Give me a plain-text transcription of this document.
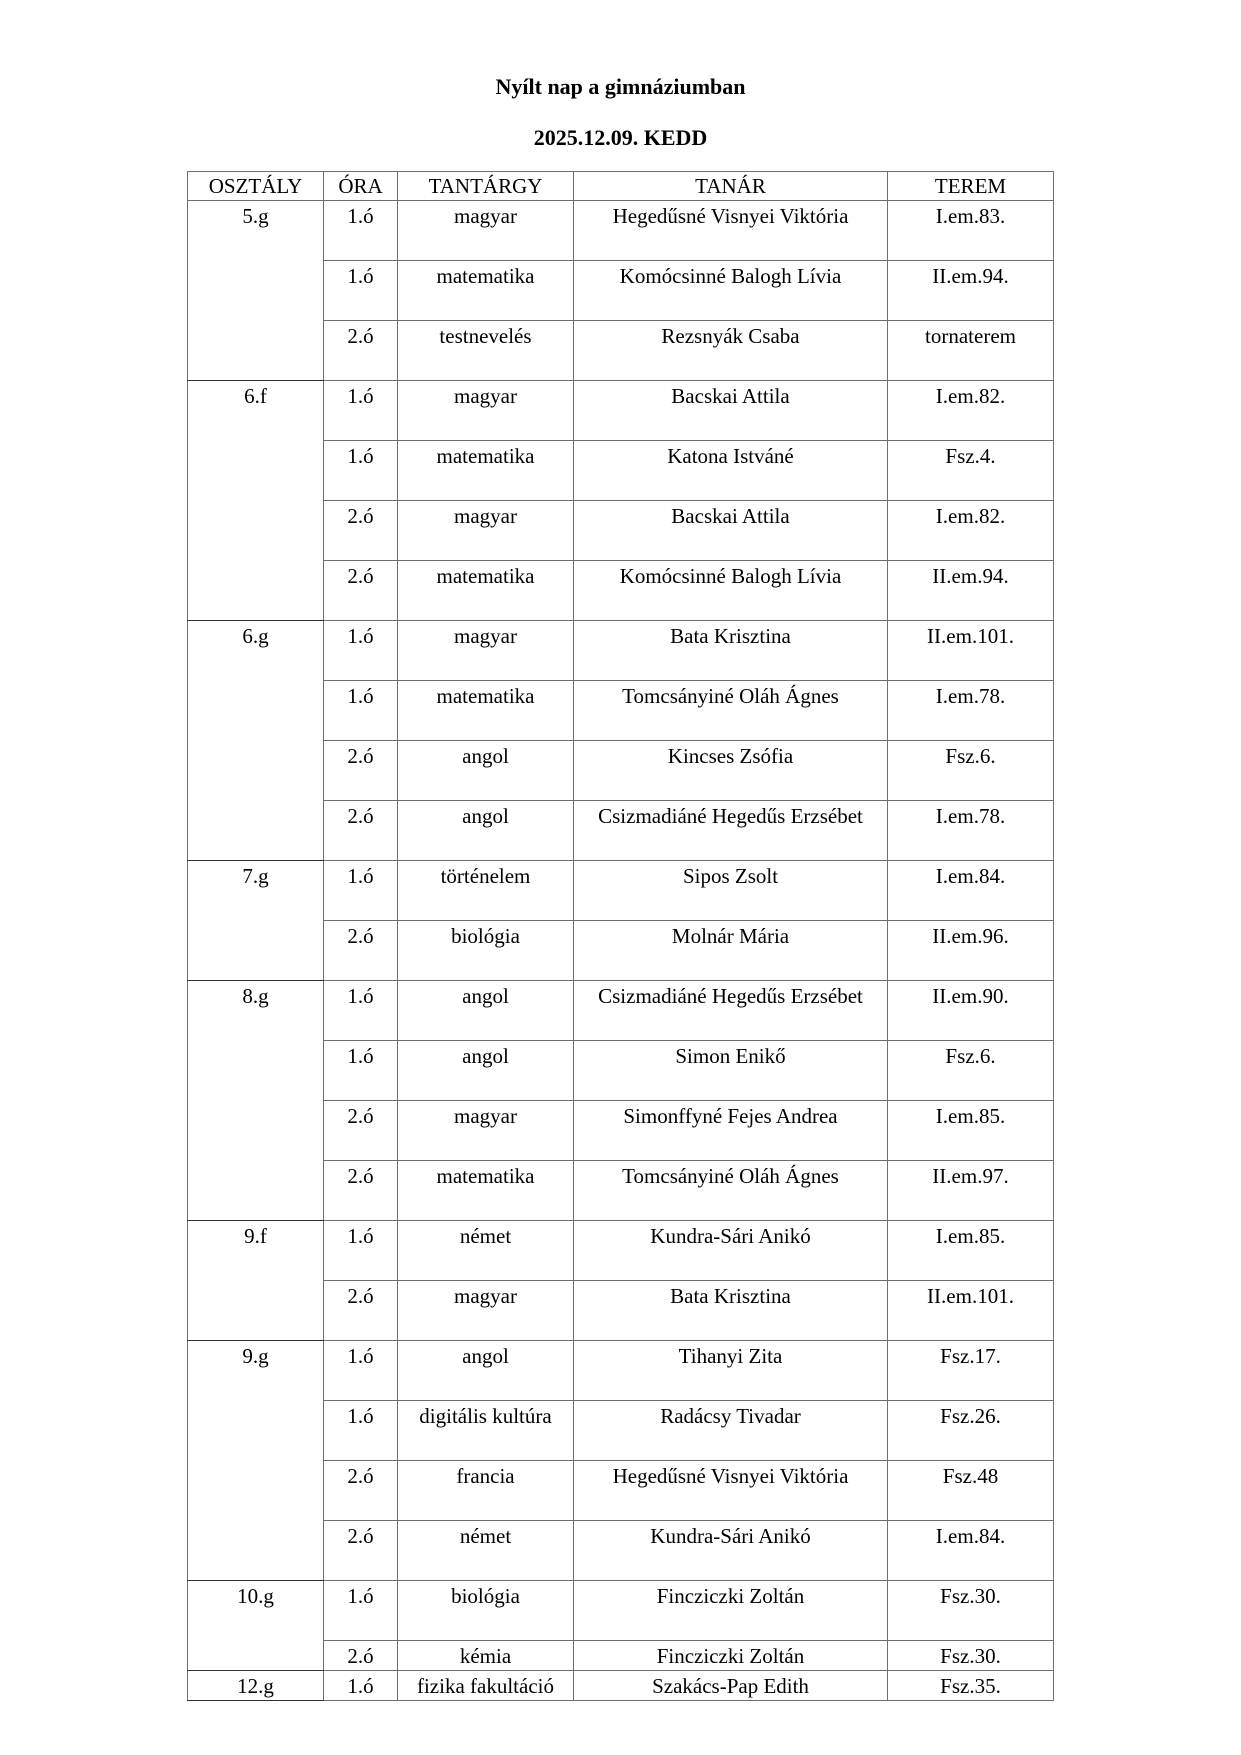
Nyílt nap a gimnáziumban
2025.12.09. KEDD
OSZTÁLY	ÓRA	TANTÁRGY	TANÁR	TEREM
5.g	1.ó	magyar	Hegedűsné Visnyei Viktória	I.em.83.
	1.ó	matematika	Komócsinné Balogh Lívia	II.em.94.
	2.ó	testnevelés	Rezsnyák Csaba	tornaterem
6.f	1.ó	magyar	Bacskai Attila	I.em.82.
	1.ó	matematika	Katona Istváné	Fsz.4.
	2.ó	magyar	Bacskai Attila	I.em.82.
	2.ó	matematika	Komócsinné Balogh Lívia	II.em.94.
6.g	1.ó	magyar	Bata Krisztina	II.em.101.
	1.ó	matematika	Tomcsányiné Oláh Ágnes	I.em.78.
	2.ó	angol	Kincses Zsófia	Fsz.6.
	2.ó	angol	Csizmadiáné Hegedűs Erzsébet	I.em.78.
7.g	1.ó	történelem	Sipos Zsolt	I.em.84.
	2.ó	biológia	Molnár Mária	II.em.96.
8.g	1.ó	angol	Csizmadiáné Hegedűs Erzsébet	II.em.90.
	1.ó	angol	Simon Enikő	Fsz.6.
	2.ó	magyar	Simonffyné Fejes Andrea	I.em.85.
	2.ó	matematika	Tomcsányiné Oláh Ágnes	II.em.97.
9.f	1.ó	német	Kundra-Sári Anikó	I.em.85.
	2.ó	magyar	Bata Krisztina	II.em.101.
9.g	1.ó	angol	Tihanyi Zita	Fsz.17.
	1.ó	digitális kultúra	Radácsy Tivadar	Fsz.26.
	2.ó	francia	Hegedűsné Visnyei Viktória	Fsz.48
	2.ó	német	Kundra-Sári Anikó	I.em.84.
10.g	1.ó	biológia	Fincziczki Zoltán	Fsz.30.
	2.ó	kémia	Fincziczki Zoltán	Fsz.30.
12.g	1.ó	fizika fakultáció	Szakács-Pap Edith	Fsz.35.
